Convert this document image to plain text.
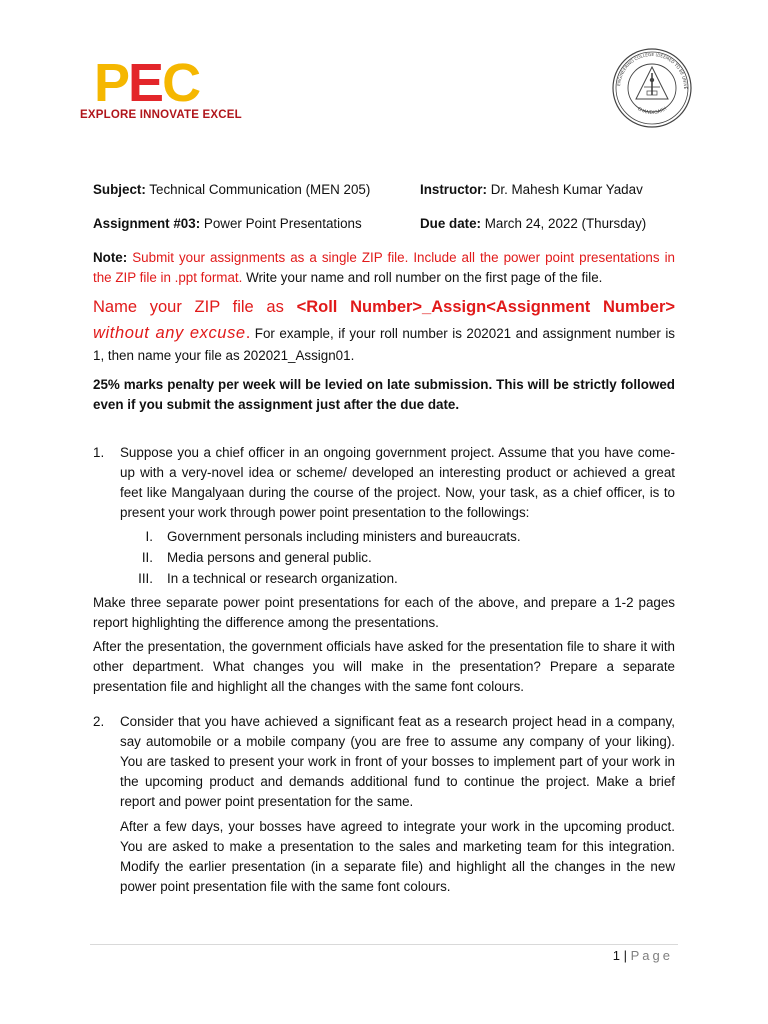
PEC
EXPLORE INNOVATE EXCEL
ENGINEERING COLLEGE (DEEMED TO BE UNIVE
CHANDIGARH
Subject: Technical Communication (MEN 205)	Instructor: Dr. Mahesh Kumar Yadav
Assignment #03: Power Point Presentations	Due date: March 24, 2022 (Thursday)
Note: Submit your assignments as a single ZIP file. Include all the power point presentations in the ZIP file in .ppt format. Write your name and roll number on the first page of the file.
Name your ZIP file as <Roll Number>_Assign<Assignment Number> without any excuse. For example, if your roll number is 202021 and assignment number is 1, then name your file as 202021_Assign01.
25% marks penalty per week will be levied on late submission. This will be strictly followed even if you submit the assignment just after the due date.
1. Suppose you a chief officer in an ongoing government project. Assume that you have come-up with a very-novel idea or scheme/ developed an interesting product or achieved a great feet like Mangalyaan during the course of the project. Now, your task, as a chief officer, is to present your work through power point presentation to the followings:
I. Government personals including ministers and bureaucrats.
II. Media persons and general public.
III. In a technical or research organization.
Make three separate power point presentations for each of the above, and prepare a 1-2 pages report highlighting the difference among the presentations.
After the presentation, the government officials have asked for the presentation file to share it with other department. What changes you will make in the presentation? Prepare a separate presentation file and highlight all the changes with the same font colours.
2. Consider that you have achieved a significant feat as a research project head in a company, say automobile or a mobile company (you are free to assume any company of your liking). You are tasked to present your work in front of your bosses to implement part of your work in the upcoming product and demands additional fund to continue the project. Make a brief report and power point presentation for the same.
After a few days, your bosses have agreed to integrate your work in the upcoming product. You are asked to make a presentation to the sales and marketing team for this integration. Modify the earlier presentation (in a separate file) and highlight all the changes in the new power point presentation file with the same font colours.
1 | Page
